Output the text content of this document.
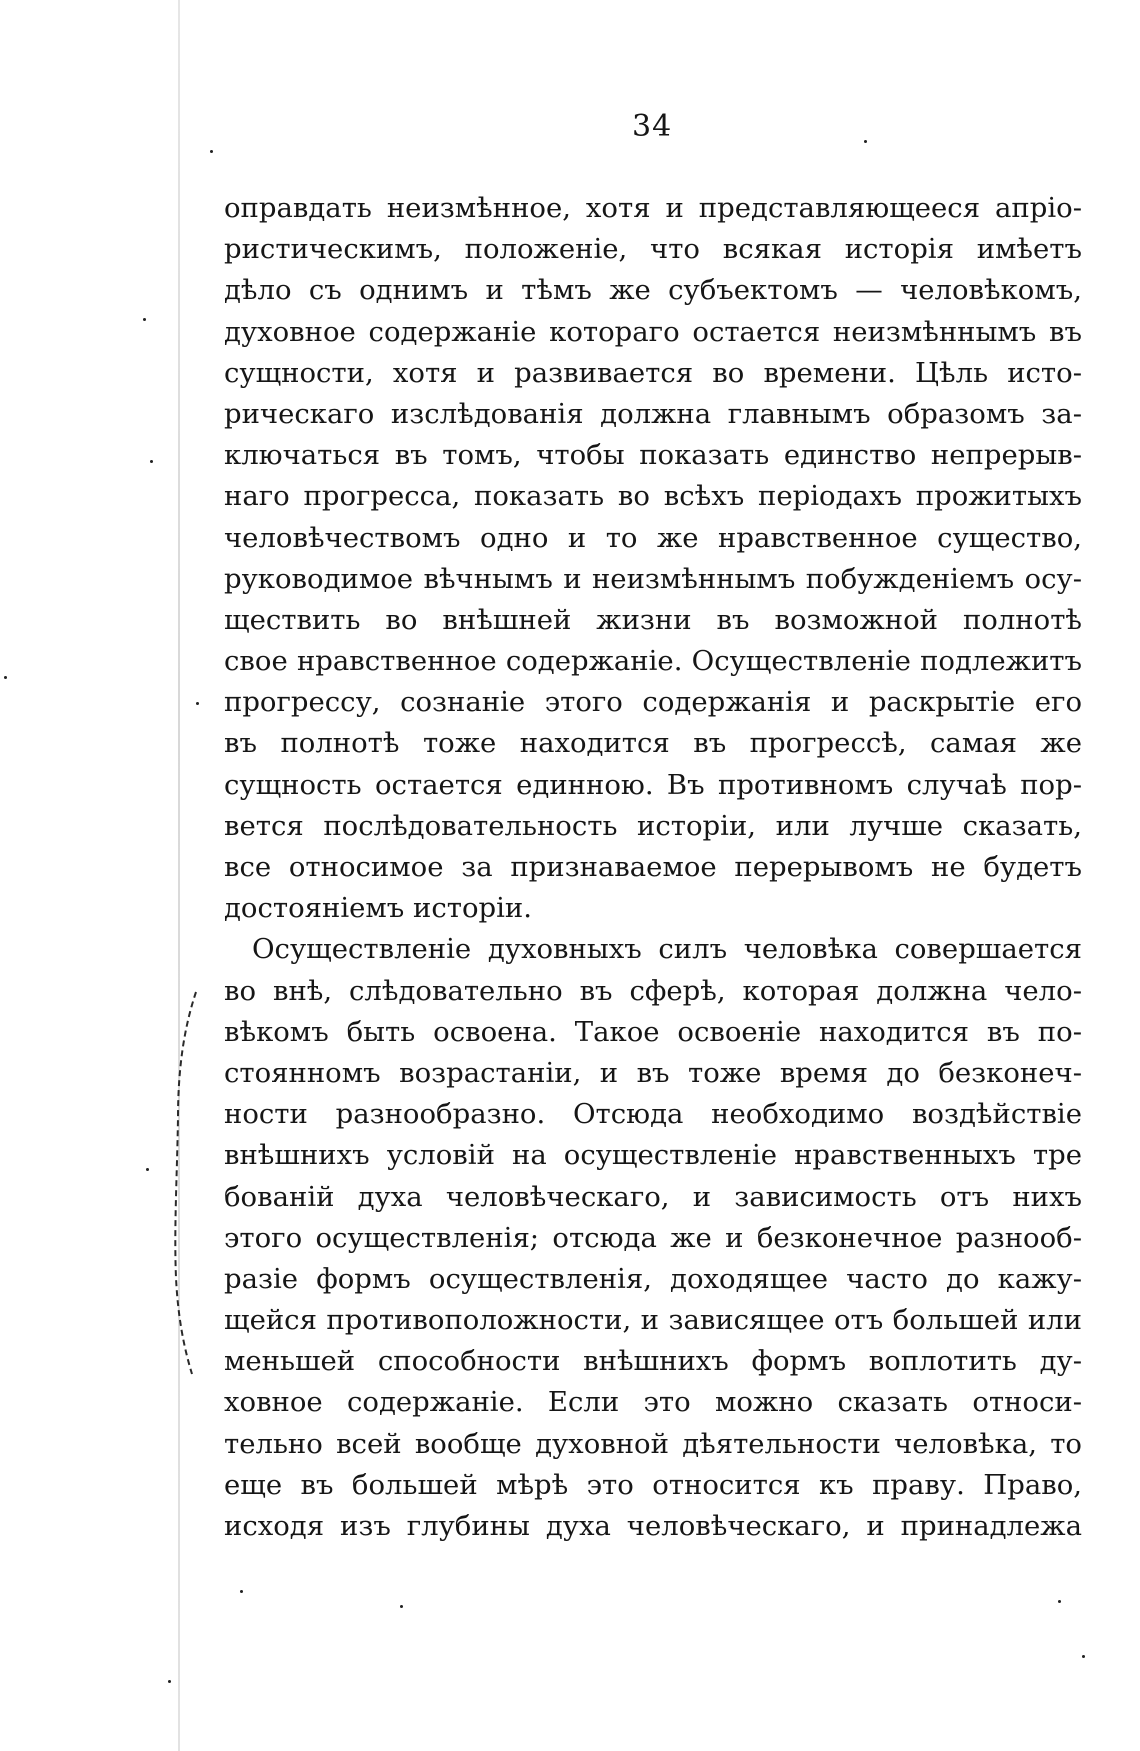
34
оправдать неизмѣнное, хотя и представляющееся апріо-
ристическимъ, положеніе, что всякая исторія имѣетъ
дѣло съ однимъ и тѣмъ же субъектомъ — человѣкомъ,
духовное содержаніе котораго остается неизмѣннымъ въ
сущности, хотя и развивается во времени. Цѣль исто-
рическаго изслѣдованія должна главнымъ образомъ за-
ключаться въ томъ, чтобы показать единство непрерыв-
наго прогресса, показать во всѣхъ періодахъ прожитыхъ
человѣчествомъ одно и то же нравственное существо,
руководимое вѣчнымъ и неизмѣннымъ побужденіемъ осу-
ществить во внѣшней жизни въ возможной полнотѣ
свое нравственное содержаніе. Осуществленіе подлежитъ
прогрессу, сознаніе этого содержанія и раскрытіе его
въ полнотѣ тоже находится въ прогрессѣ, самая же
сущность остается единною. Въ противномъ случаѣ пор-
вется послѣдовательность исторіи, или лучше сказать,
все относимое за признаваемое перерывомъ не будетъ
достояніемъ исторіи.
Осуществленіе духовныхъ силъ человѣка совершается
во внѣ, слѣдовательно въ сферѣ, которая должна чело-
вѣкомъ быть освоена. Такое освоеніе находится въ по-
стоянномъ возрастаніи, и въ тоже время до безконеч-
ности разнообразно. Отсюда необходимо воздѣйствіе
внѣшнихъ условій на осуществленіе нравственныхъ тре
бованій духа человѣческаго, и зависимость отъ нихъ
этого осуществленія; отсюда же и безконечное разнооб-
разіе формъ осуществленія, доходящее часто до кажу-
щейся противоположности, и зависящее отъ большей или
меньшей способности внѣшнихъ формъ воплотить ду-
ховное содержаніе. Если это можно сказать относи-
тельно всей вообще духовной дѣятельности человѣка, то
еще въ большей мѣрѣ это относится къ праву. Право,
исходя изъ глубины духа человѣческаго, и принадлежа
